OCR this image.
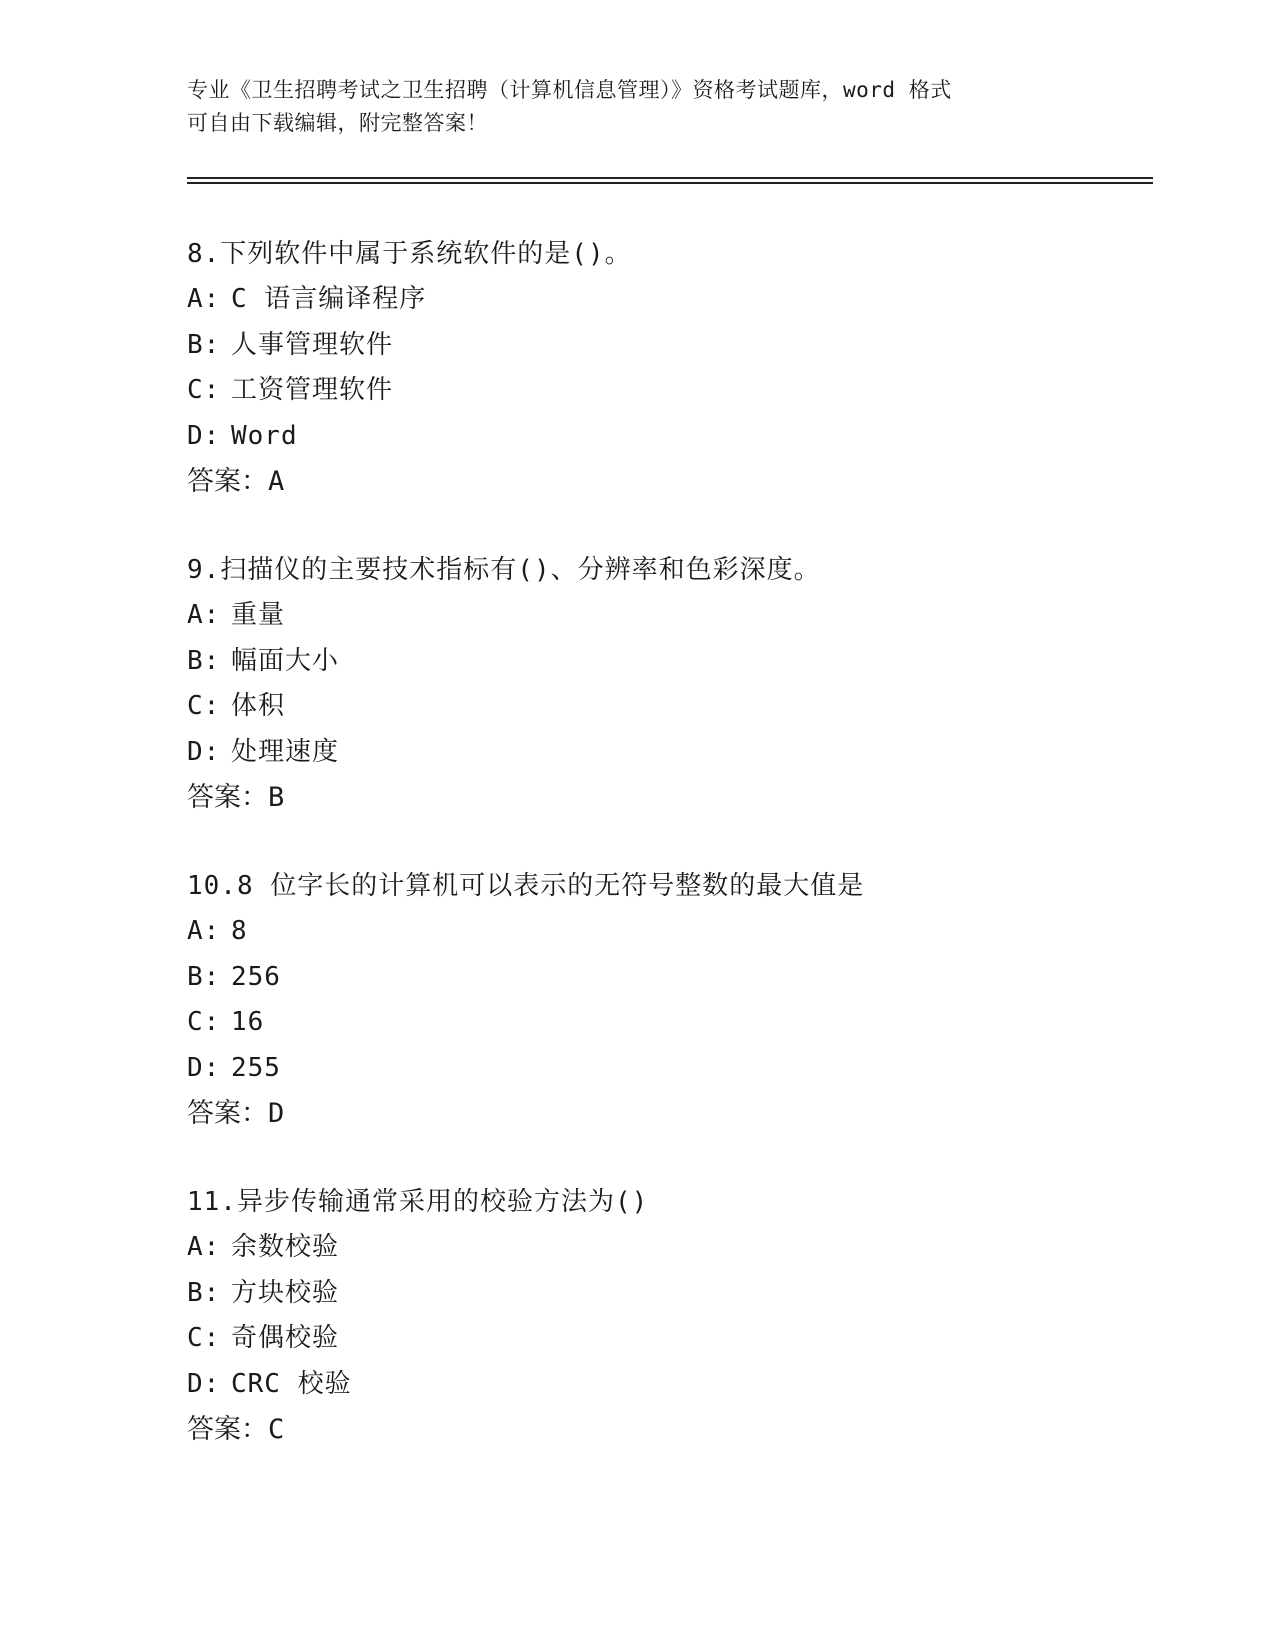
专业《卫生招聘考试之卫生招聘（计算机信息管理）》资格考试题库，word 格式
可自由下载编辑，附完整答案！
8.下列软件中属于系统软件的是()。
A: C 语言编译程序
B: 人事管理软件
C: 工资管理软件
D: Word
答案：A
9.扫描仪的主要技术指标有()、分辨率和色彩深度。
A: 重量
B: 幅面大小
C: 体积
D: 处理速度
答案：B
10.8 位字长的计算机可以表示的无符号整数的最大值是
A: 8
B: 256
C: 16
D: 255
答案：D
11.异步传输通常采用的校验方法为()
A: 余数校验
B: 方块校验
C: 奇偶校验
D: CRC 校验
答案：C
